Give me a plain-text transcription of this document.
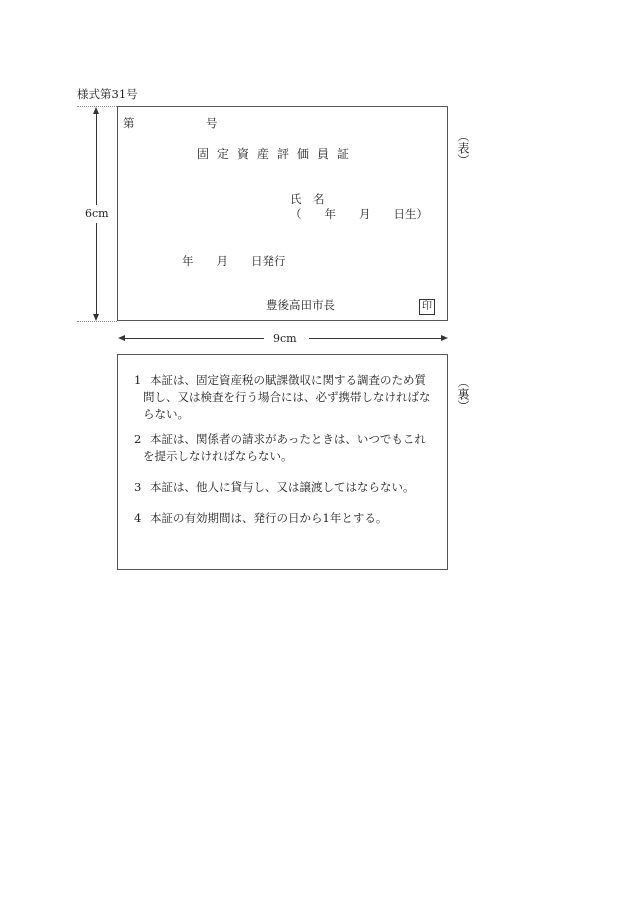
様式第31号
6cm
第	号
固定資産評価員証
氏　名
（　　年　　月　　日生）
年　　月　　日発行
豊後高田市長	印
（表）
9cm
（裏）
1 本証は、固定資産税の賦課徴収に関する調査のため質
問し、又は検査を行う場合には、必ず携帯しなければな
らない。
2 本証は、関係者の請求があったときは、いつでもこれ
を提示しなければならない。
3 本証は、他人に貸与し、又は譲渡してはならない。
4 本証の有効期間は、発行の日から1年とする。
